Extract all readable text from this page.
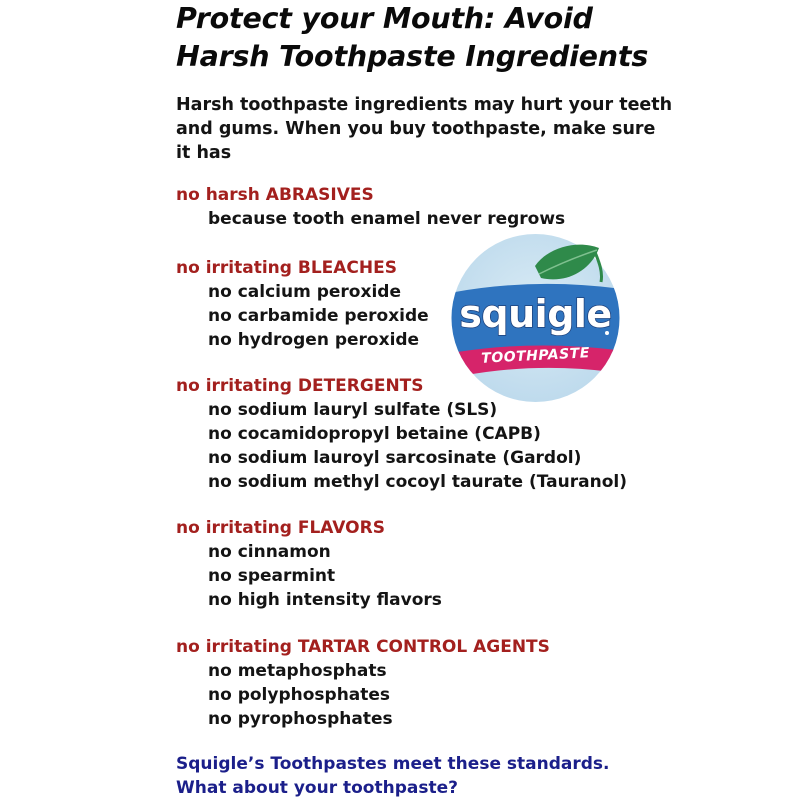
Protect your Mouth: Avoid
Harsh Toothpaste Ingredients
Harsh toothpaste ingredients may hurt your teeth
and gums. When you buy toothpaste, make sure
it has
no harsh ABRASIVES
because tooth enamel never regrows
no irritating BLEACHES
no calcium peroxide
no carbamide peroxide
no hydrogen peroxide
no irritating DETERGENTS
no sodium lauryl sulfate (SLS)
no cocamidopropyl betaine (CAPB)
no sodium lauroyl sarcosinate (Gardol)
no sodium methyl cocoyl taurate (Tauranol)
no irritating FLAVORS
no cinnamon
no spearmint
no high intensity flavors
no irritating TARTAR CONTROL AGENTS
no metaphosphats
no polyphosphates
no pyrophosphates
squigle
TOOTHPASTE
Squigle’s Toothpastes meet these standards.
What about your toothpaste?
